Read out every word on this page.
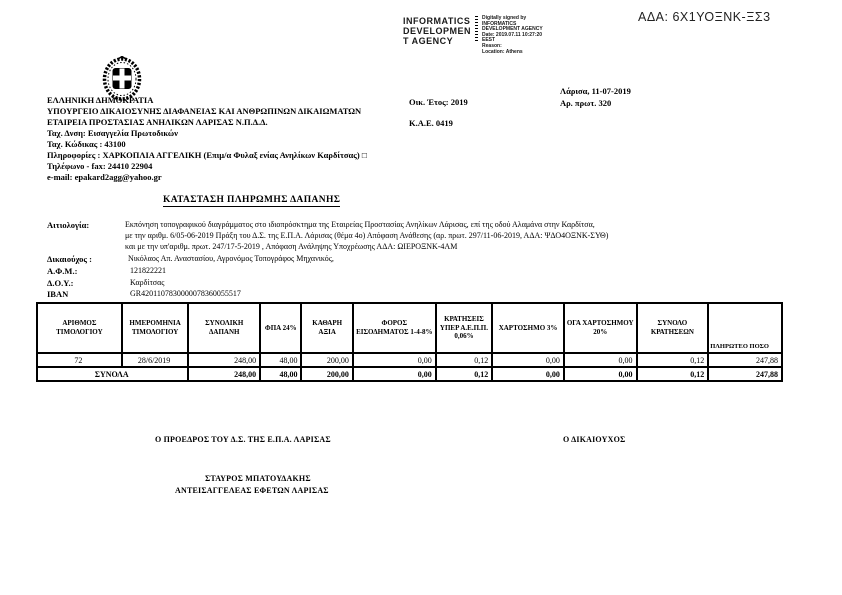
INFORMATICS
DEVELOPMEN
T AGENCY
Digitally signed by
INFORMATICS
DEVELOPMENT AGENCY
Date: 2019.07.11 10:27:20
EEST
Reason:
Location: Athens
ΑΔΑ: 6Χ1ΥΟΞΝΚ-ΞΣ3
ΕΛΛΗΝΙΚΗ ΔΗΜΟΚΡΑΤΙΑ
ΥΠΟΥΡΓΕΙΟ ΔΙΚΑΙΟΣΥΝΗΣ ΔΙΑΦΑΝΕΙΑΣ ΚΑΙ ΑΝΘΡΩΠΙΝΩΝ ΔΙΚΑΙΩΜΑΤΩΝ
ΕΤΑΙΡΕΙΑ ΠΡΟΣΤΑΣΙΑΣ ΑΝΗΛΙΚΩΝ ΛΑΡΙΣΑΣ Ν.Π.Δ.Δ.
Ταχ. Δνση: Εισαγγελία Πρωτοδικών
Ταχ. Κώδικας : 43100
Πληροφορίες : ΧΑΡΚΟΠΛΙΑ ΑΓΓΕΛΙΚΗ (Επιμ/α Φυλαξ ενίας Ανηλίκων Καρδίτσας) □
Τηλέφωνο - fax: 24410 22904
e-mail: epakard2agg@yahoo.gr
Οικ. Έτος: 2019
Κ.Α.Ε. 0419
Λάρισα, 11-07-2019
Αρ. πρωτ. 320
ΚΑΤΑΣΤΑΣΗ ΠΛΗΡΩΜΗΣ ΔΑΠΑΝΗΣ
Αιτιολογία:	Εκπόνηση τοπογραφικού διαγράμματος στο ιδιοπρόσκτημα της Εταιρείας Προστασίας Ανηλίκων Λάρισας, επί της οδού Αλαμάνα στην Καρδίτσα,
με την αριθμ. 6/05-06-2019 Πράξη του Δ.Σ. της Ε.Π.Α. Λάρισας (θέμα 4ο) Απόφαση Ανάθεσης (αρ. πρωτ. 297/11-06-2019, ΑΔΑ: ΨΔΟ4ΟΞΝΚ-ΣΥΘ)
και με την υπ'αριθμ. πρωτ. 247/17-5-2019 , Απόφαση Ανάληψης Υποχρέωσης ΑΔΑ: ΩΙΕΡΟΞΝΚ-4ΑΜ
Δικαιούχος :	Νικόλαος Απ. Αναστασίου, Αγρονόμος Τοπογράφος Μηχανικός,
Α.Φ.Μ.:	121822221
Δ.Ο.Υ.:	Καρδίτσας
ΙΒΑΝ	GR4201107830000078360055517
ΑΡΙΘΜΟΣ ΤΙΜΟΛΟΓΙΟΥ	ΗΜΕΡΟΜΗΝΙΑ ΤΙΜΟΛΟΓΙΟΥ	ΣΥΝΟΛΙΚΗ ΔΑΠΑΝΗ	ΦΠΑ 24%	ΚΑΘΑΡΗ ΑΞΙΑ	ΦΟΡΟΣ ΕΙΣΟΔΗΜΑΤΟΣ 1-4-8%	ΚΡΑΤΗΣΕΙΣ ΥΠΕΡ Α.Ε.Π.Π. 0,06%	ΧΑΡΤΟΣΗΜΟ 3%	ΟΓΑ ΧΑΡΤΟΣΗΜΟΥ 20%	ΣΥΝΟΛΟ ΚΡΑΤΗΣΕΩΝ	ΠΛΗΡΩΤΕΟ ΠΟΣΟ
72	28/6/2019	248,00	48,00	200,00	0,00	0,12	0,00	0,00	0,12	247,88
ΣΥΝΟΛΑ		248,00	48,00	200,00	0,00	0,12	0,00	0,00	0,12	247,88
Ο ΠΡΟΕΔΡΟΣ ΤΟΥ Δ.Σ. ΤΗΣ Ε.Π.Α. ΛΑΡΙΣΑΣ	Ο ΔΙΚΑΙΟΥΧΟΣ
ΣΤΑΥΡΟΣ ΜΠΑΤΟΥΔΑΚΗΣ
ΑΝΤΕΙΣΑΓΓΕΛΕΑΣ ΕΦΕΤΩΝ ΛΑΡΙΣΑΣ
